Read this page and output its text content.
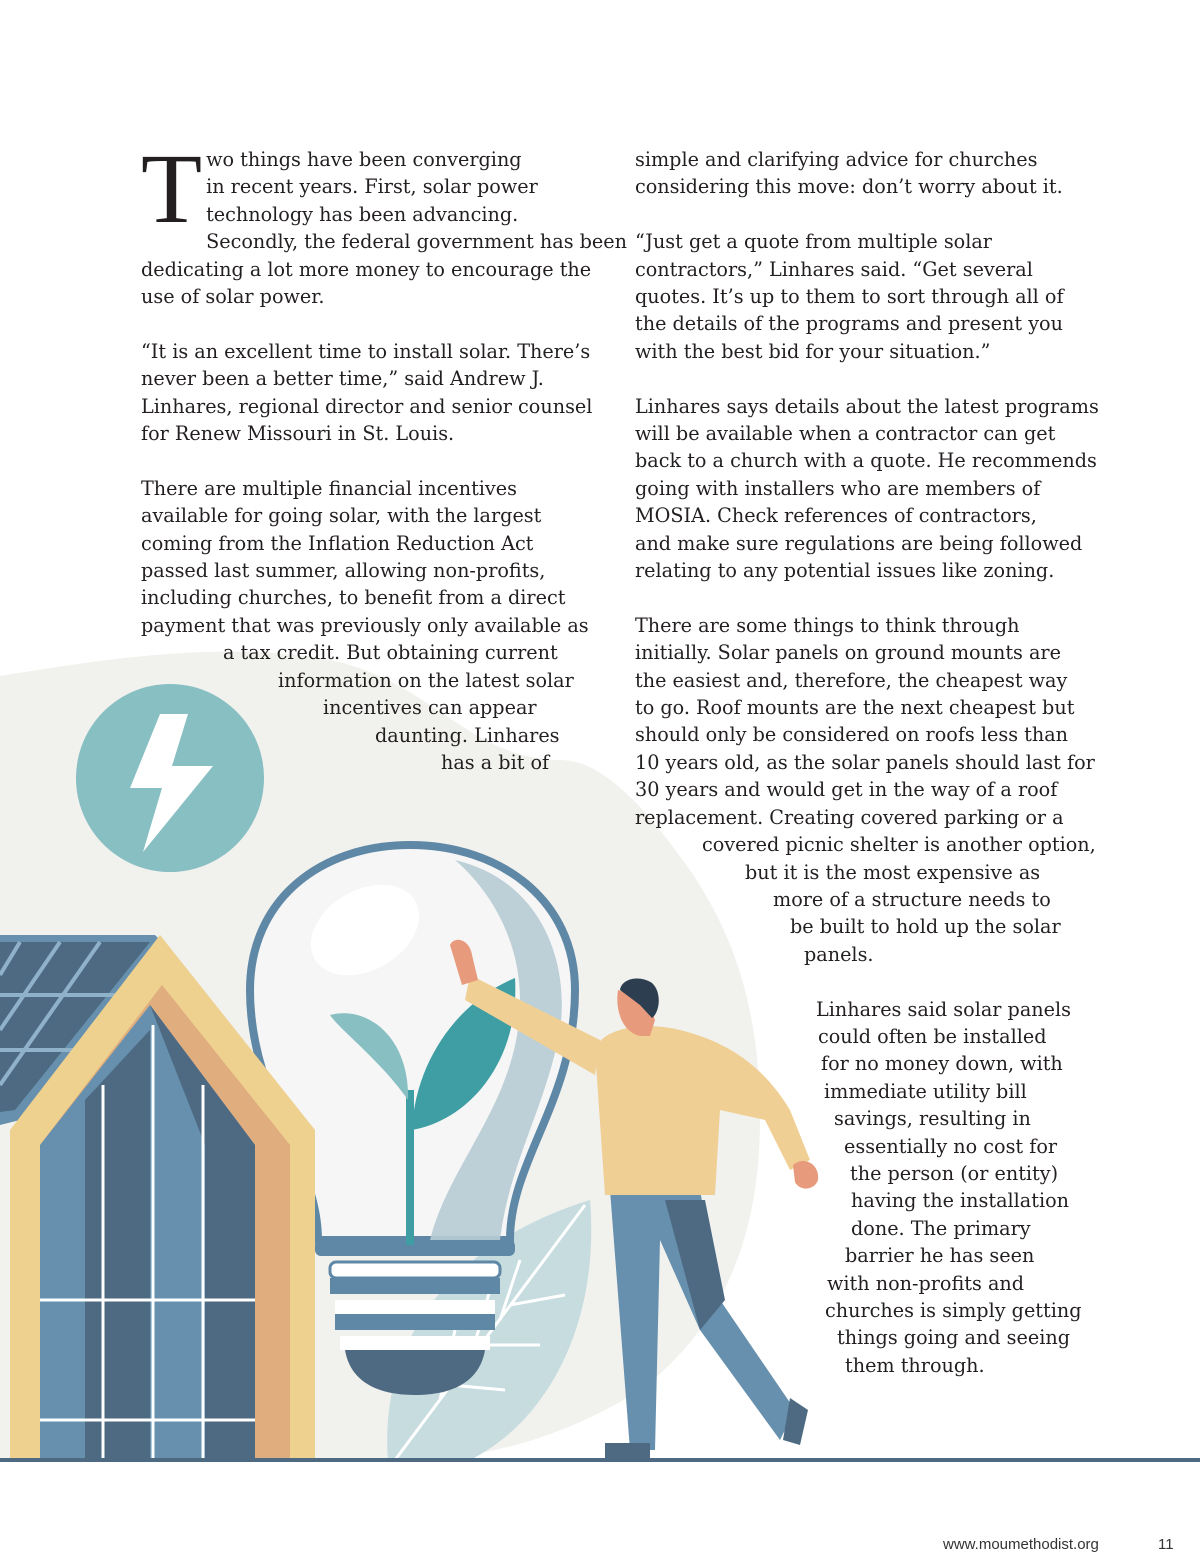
T wo things have been converging
in recent years. First, solar power
technology has been advancing.
Secondly, the federal government has been
dedicating a lot more money to encourage the
use of solar power.

“It is an excellent time to install solar. There’s
never been a better time,” said Andrew J.
Linhares, regional director and senior counsel
for Renew Missouri in St. Louis.

There are multiple financial incentives
available for going solar, with the largest
coming from the Inflation Reduction Act
passed last summer, allowing non-profits,
including churches, to benefit from a direct
payment that was previously only available as
a tax credit. But obtaining current
information on the latest solar
incentives can appear
daunting. Linhares
has a bit of

simple and clarifying advice for churches
considering this move: don’t worry about it.

“Just get a quote from multiple solar
contractors,” Linhares said. “Get several
quotes. It’s up to them to sort through all of
the details of the programs and present you
with the best bid for your situation.”

Linhares says details about the latest programs
will be available when a contractor can get
back to a church with a quote. He recommends
going with installers who are members of
MOSIA. Check references of contractors,
and make sure regulations are being followed
relating to any potential issues like zoning.

There are some things to think through
initially. Solar panels on ground mounts are
the easiest and, therefore, the cheapest way
to go. Roof mounts are the next cheapest but
should only be considered on roofs less than
10 years old, as the solar panels should last for
30 years and would get in the way of a roof
replacement. Creating covered parking or a
covered picnic shelter is another option,
but it is the most expensive as
more of a structure needs to
be built to hold up the solar
panels.

Linhares said solar panels
could often be installed
for no money down, with
immediate utility bill
savings, resulting in
essentially no cost for
the person (or entity)
having the installation
done. The primary
barrier he has seen
with non-profits and
churches is simply getting
things going and seeing
them through.

www.moumethodist.org	11
